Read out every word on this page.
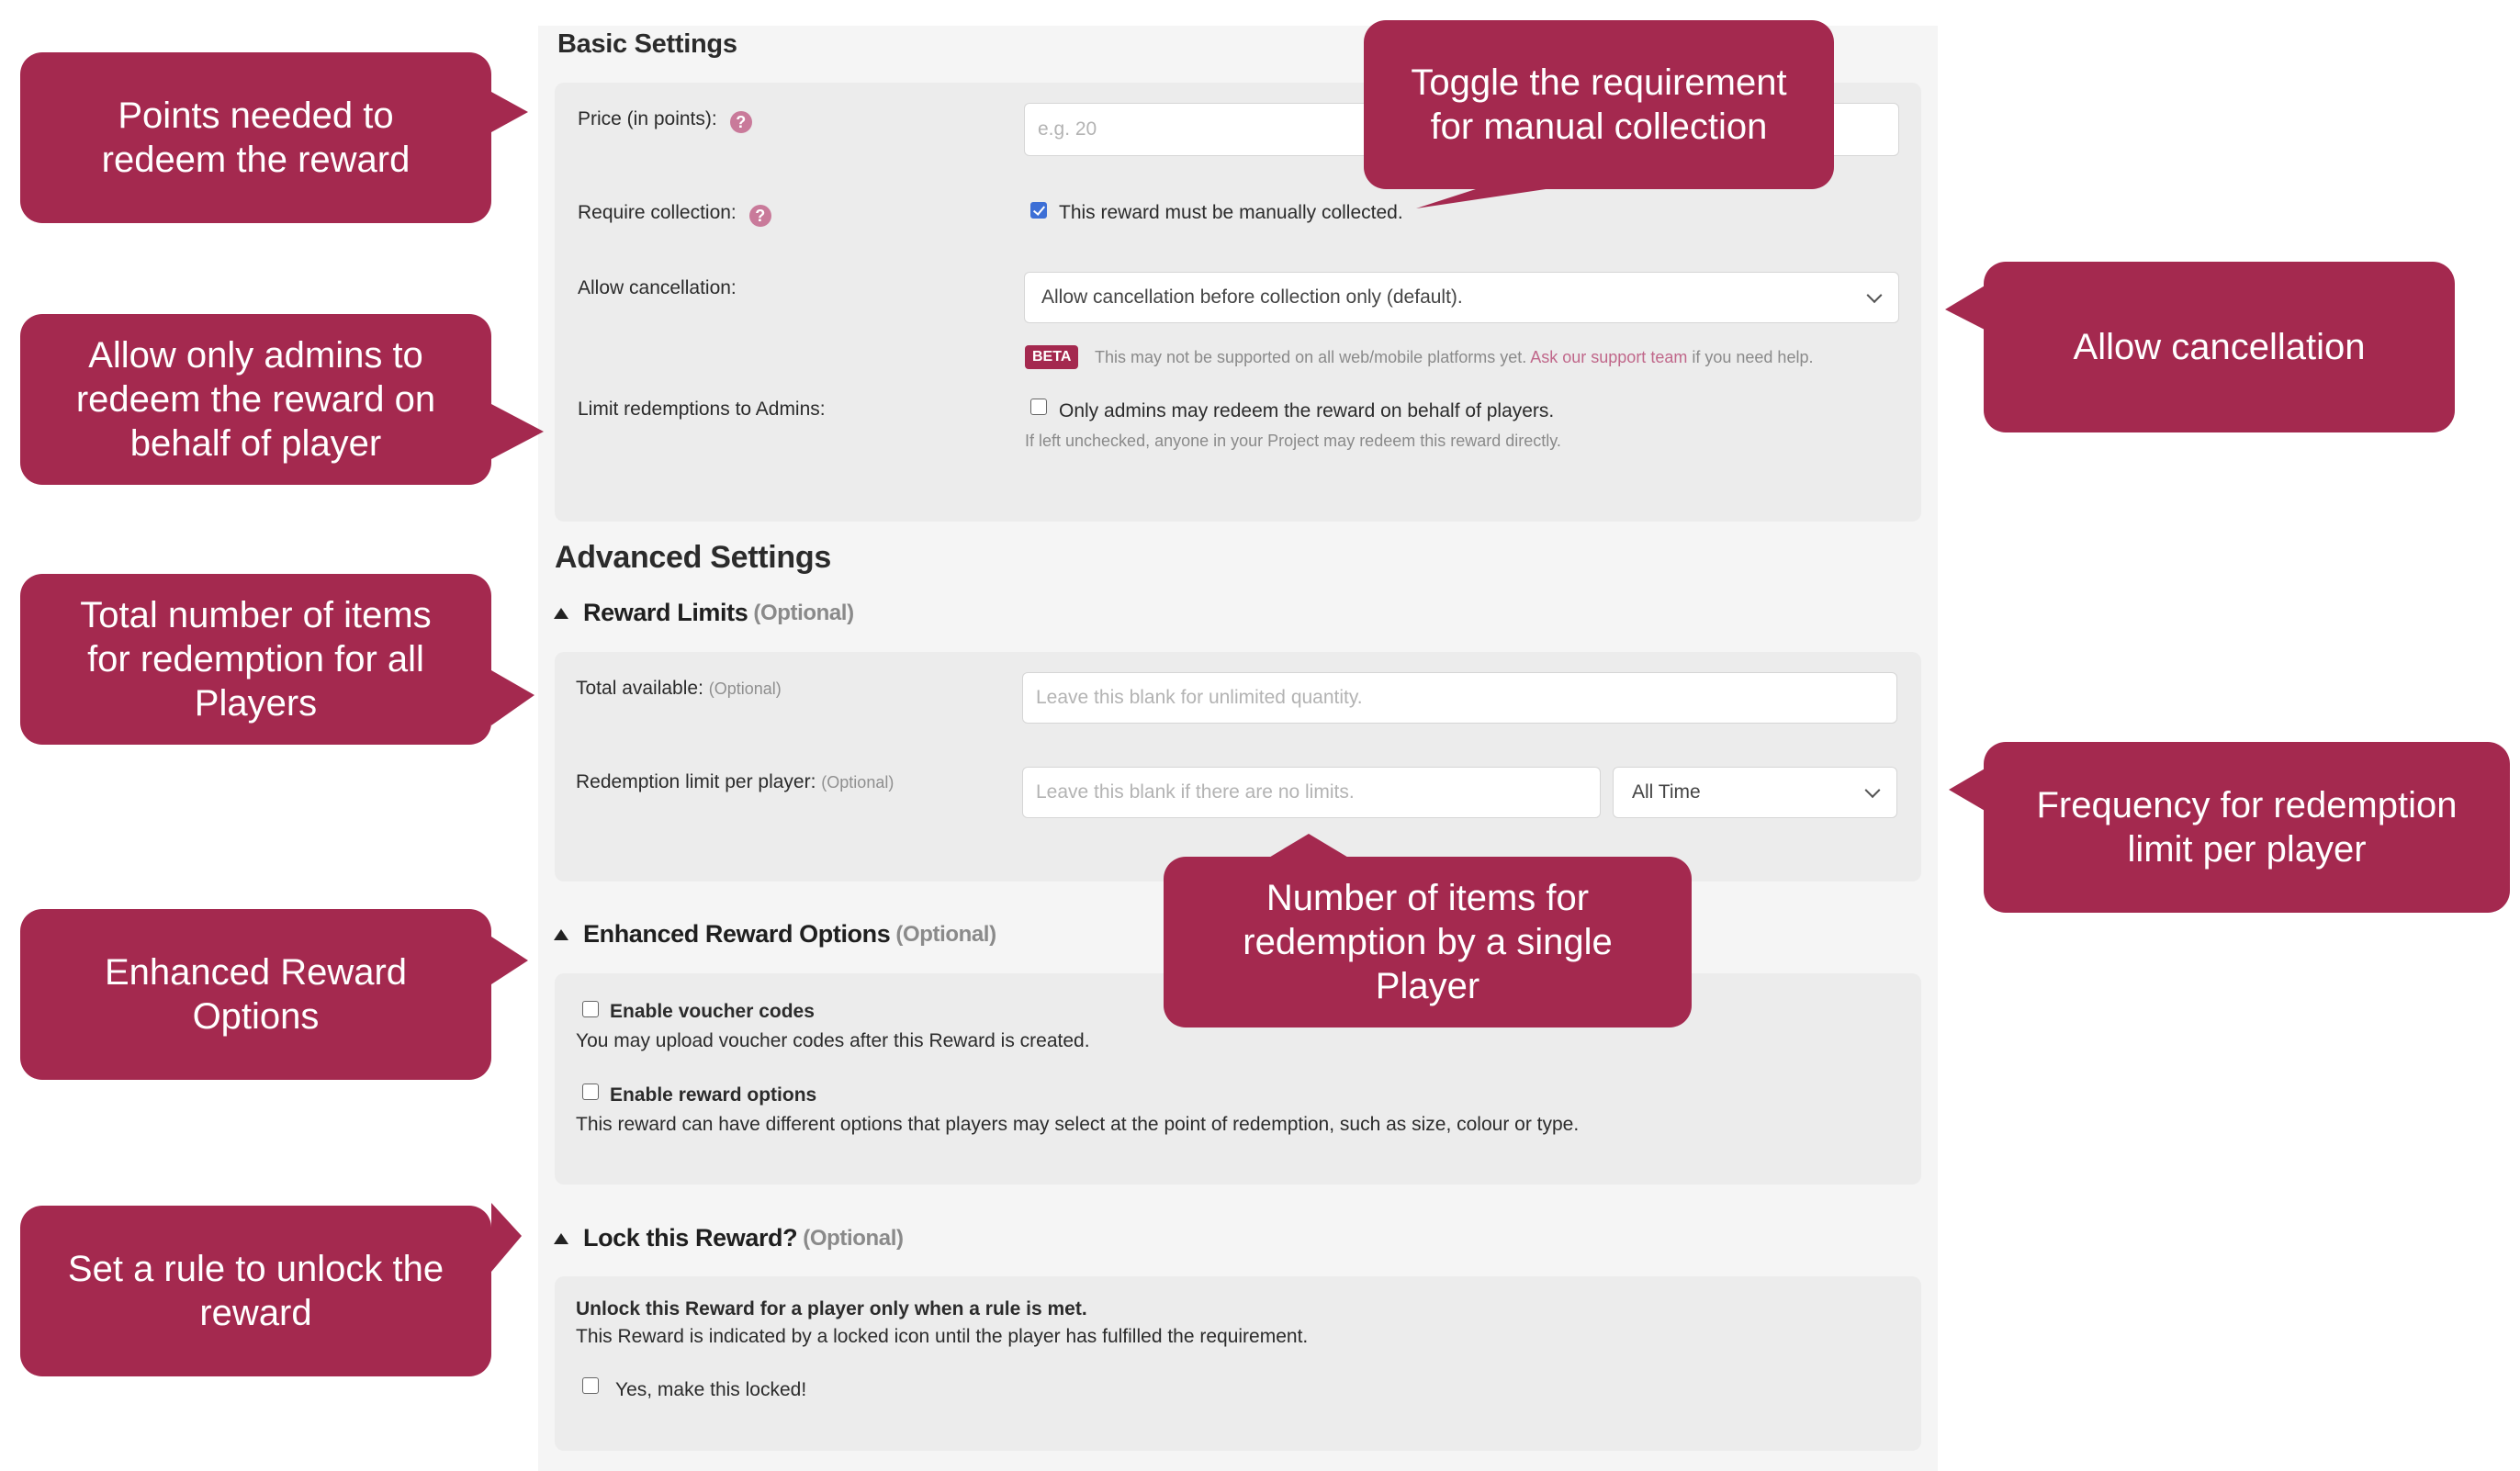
Basic Settings
Price (in points): ?	e.g. 20
Require collection: ?	This reward must be manually collected.
Allow cancellation:	Allow cancellation before collection only (default).
BETA	This may not be supported on all web/mobile platforms yet. Ask our support team if you need help.
Limit redemptions to Admins:	Only admins may redeem the reward on behalf of players.
If left unchecked, anyone in your Project may redeem this reward directly.
Advanced Settings
Reward Limits (Optional)
Total available: (Optional)	Leave this blank for unlimited quantity.
Redemption limit per player: (Optional)	Leave this blank if there are no limits.	All Time
Enhanced Reward Options (Optional)
Enable voucher codes
You may upload voucher codes after this Reward is created.
Enable reward options
This reward can have different options that players may select at the point of redemption, such as size, colour or type.
Lock this Reward? (Optional)
Unlock this Reward for a player only when a rule is met.
This Reward is indicated by a locked icon until the player has fulfilled the requirement.
Yes, make this locked!
Points needed to
redeem the reward
Allow only admins to
redeem the reward on
behalf of player
Total number of items
for redemption for all
Players
Enhanced Reward
Options
Set a rule to unlock the
reward
Toggle the requirement
for manual collection
Allow cancellation
Frequency for redemption
limit per player
Number of items for
redemption by a single
Player
